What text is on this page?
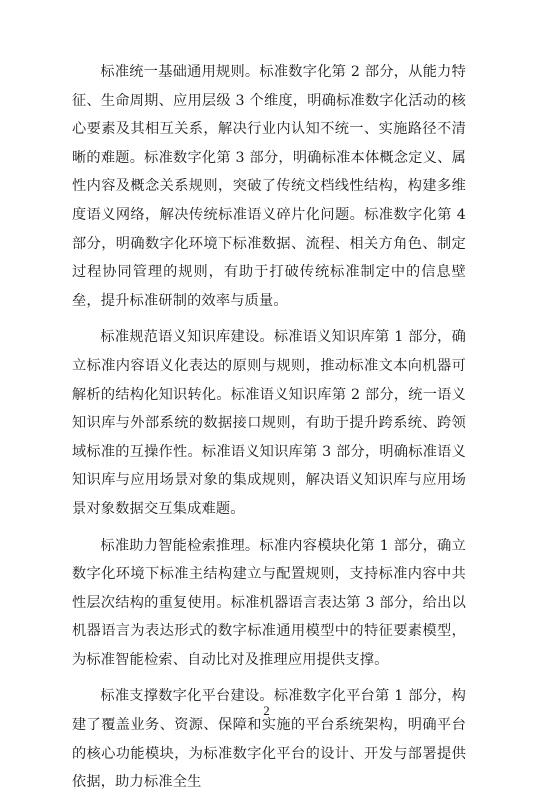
标准统一基础通用规则。标准数字化第 2 部分，从能力特征、生命周期、应用层级 3 个维度，明确标准数字化活动的核心要素及其相互关系，解决行业内认知不统一、实施路径不清晰的难题。标准数字化第 3 部分，明确标准本体概念定义、属性内容及概念关系规则，突破了传统文档线性结构，构建多维度语义网络，解决传统标准语义碎片化问题。标准数字化第 4 部分，明确数字化环境下标准数据、流程、相关方角色、制定过程协同管理的规则，有助于打破传统标准制定中的信息壁垒，提升标准研制的效率与质量。

标准规范语义知识库建设。标准语义知识库第 1 部分，确立标准内容语义化表达的原则与规则，推动标准文本向机器可解析的结构化知识转化。标准语义知识库第 2 部分，统一语义知识库与外部系统的数据接口规则，有助于提升跨系统、跨领域标准的互操作性。标准语义知识库第 3 部分，明确标准语义知识库与应用场景对象的集成规则，解决语义知识库与应用场景对象数据交互集成难题。

标准助力智能检索推理。标准内容模块化第 1 部分，确立数字化环境下标准主结构建立与配置规则，支持标准内容中共性层次结构的重复使用。标准机器语言表达第 3 部分，给出以机器语言为表达形式的数字标准通用模型中的特征要素模型，为标准智能检索、自动比对及推理应用提供支撑。

标准支撑数字化平台建设。标准数字化平台第 1 部分，构建了覆盖业务、资源、保障和实施的平台系统架构，明确平台的核心功能模块，为标准数字化平台的设计、开发与部署提供依据，助力标准全生

2
